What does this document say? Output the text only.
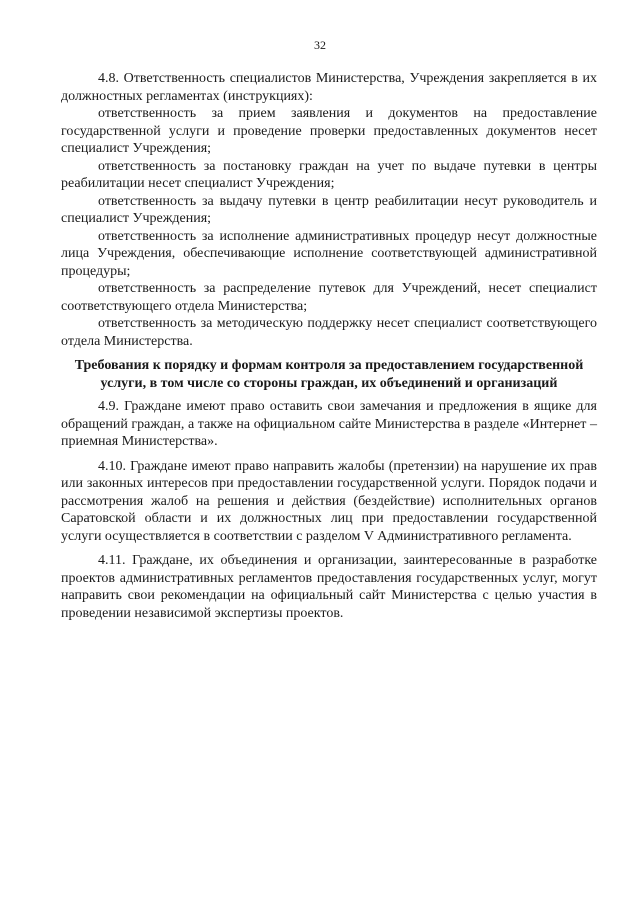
32

4.8. Ответственность специалистов Министерства, Учреждения закрепляется в их должностных регламентах (инструкциях):

ответственность за прием заявления и документов на предоставление государственной услуги и проведение проверки предоставленных документов несет специалист Учреждения;

ответственность за постановку граждан на учет по выдаче путевки в центры реабилитации несет специалист Учреждения;

ответственность за выдачу путевки в центр реабилитации несут руководитель и специалист Учреждения;

ответственность за исполнение административных процедур несут должностные лица Учреждения, обеспечивающие исполнение соответствующей административной процедуры;

ответственность за распределение путевок для Учреждений, несет специалист соответствующего отдела Министерства;

ответственность за методическую поддержку несет специалист соответствующего отдела Министерства.

Требования к порядку и формам контроля за предоставлением государственной услуги, в том числе со стороны граждан, их объединений и организаций

4.9. Граждане имеют право оставить свои замечания и предложения в ящике для обращений граждан, а также на официальном сайте Министерства в разделе «Интернет – приемная Министерства».

4.10. Граждане имеют право направить жалобы (претензии) на нарушение их прав или законных интересов при предоставлении государственной услуги. Порядок подачи и рассмотрения жалоб на решения и действия (бездействие) исполнительных органов Саратовской области и их должностных лиц при предоставлении государственной услуги осуществляется в соответствии с разделом V Административного регламента.

4.11. Граждане, их объединения и организации, заинтересованные в разработке проектов административных регламентов предоставления государственных услуг, могут направить свои рекомендации на официальный сайт Министерства с целью участия в проведении независимой экспертизы проектов.
